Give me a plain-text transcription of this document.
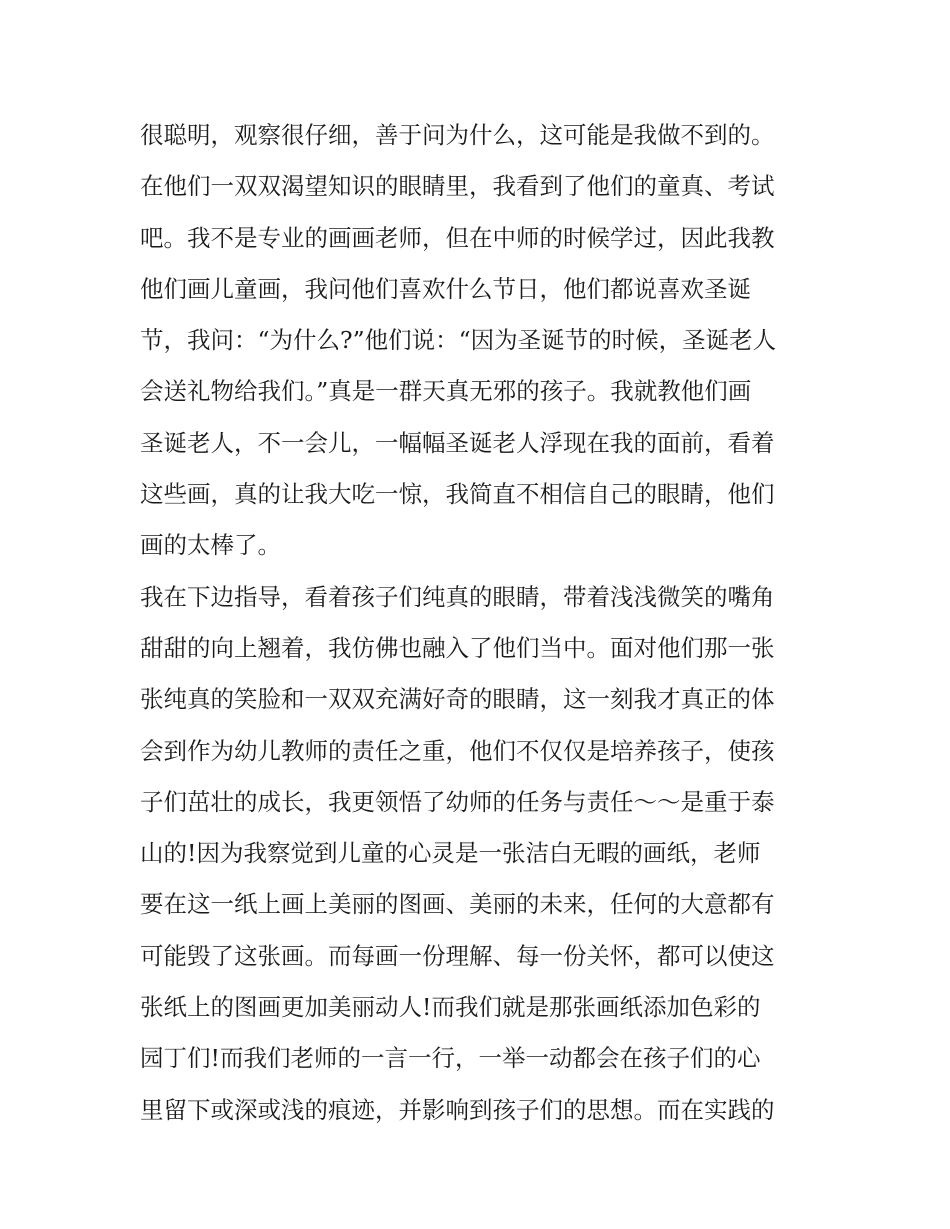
很聪明，观察很仔细，善于问为什么，这可能是我做不到的。
在他们一双双渴望知识的眼睛里，我看到了他们的童真、考试
吧。我不是专业的画画老师，但在中师的时候学过，因此我教
他们画儿童画，我问他们喜欢什么节日，他们都说喜欢圣诞
节，我问：“为什么?”他们说：“因为圣诞节的时候，圣诞老人
会送礼物给我们。”真是一群天真无邪的孩子。我就教他们画
圣诞老人，不一会儿，一幅幅圣诞老人浮现在我的面前，看着
这些画，真的让我大吃一惊，我简直不相信自己的眼睛，他们
画的太棒了。
我在下边指导，看着孩子们纯真的眼睛，带着浅浅微笑的嘴角
甜甜的向上翘着，我仿佛也融入了他们当中。面对他们那一张
张纯真的笑脸和一双双充满好奇的眼睛，这一刻我才真正的体
会到作为幼儿教师的责任之重，他们不仅仅是培养孩子，使孩
子们茁壮的成长，我更领悟了幼师的任务与责任～～是重于泰
山的!因为我察觉到儿童的心灵是一张洁白无暇的画纸，老师
要在这一纸上画上美丽的图画、美丽的未来，任何的大意都有
可能毁了这张画。而每画一份理解、每一份关怀，都可以使这
张纸上的图画更加美丽动人!而我们就是那张画纸添加色彩的
园丁们!而我们老师的一言一行，一举一动都会在孩子们的心
里留下或深或浅的痕迹，并影响到孩子们的思想。而在实践的
